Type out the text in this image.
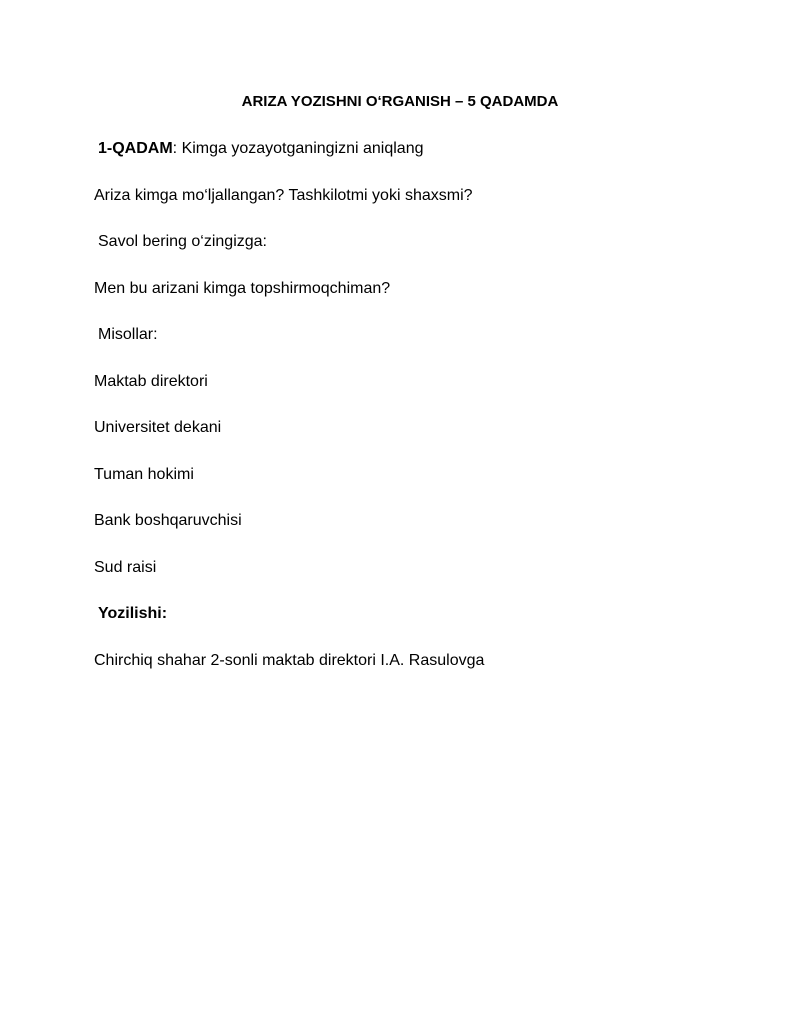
ARIZA YOZISHNI O‘RGANISH – 5 QADAMDA
1-QADAM: Kimga yozayotganingizni aniqlang
Ariza kimga mo‘ljallangan? Tashkilotmi yoki shaxsmi?
Savol bering o‘zingizga:
Men bu arizani kimga topshirmoqchiman?
Misollar:
Maktab direktori
Universitet dekani
Tuman hokimi
Bank boshqaruvchisi
Sud raisi
Yozilishi:
Chirchiq shahar 2-sonli maktab direktori I.A. Rasulovga
